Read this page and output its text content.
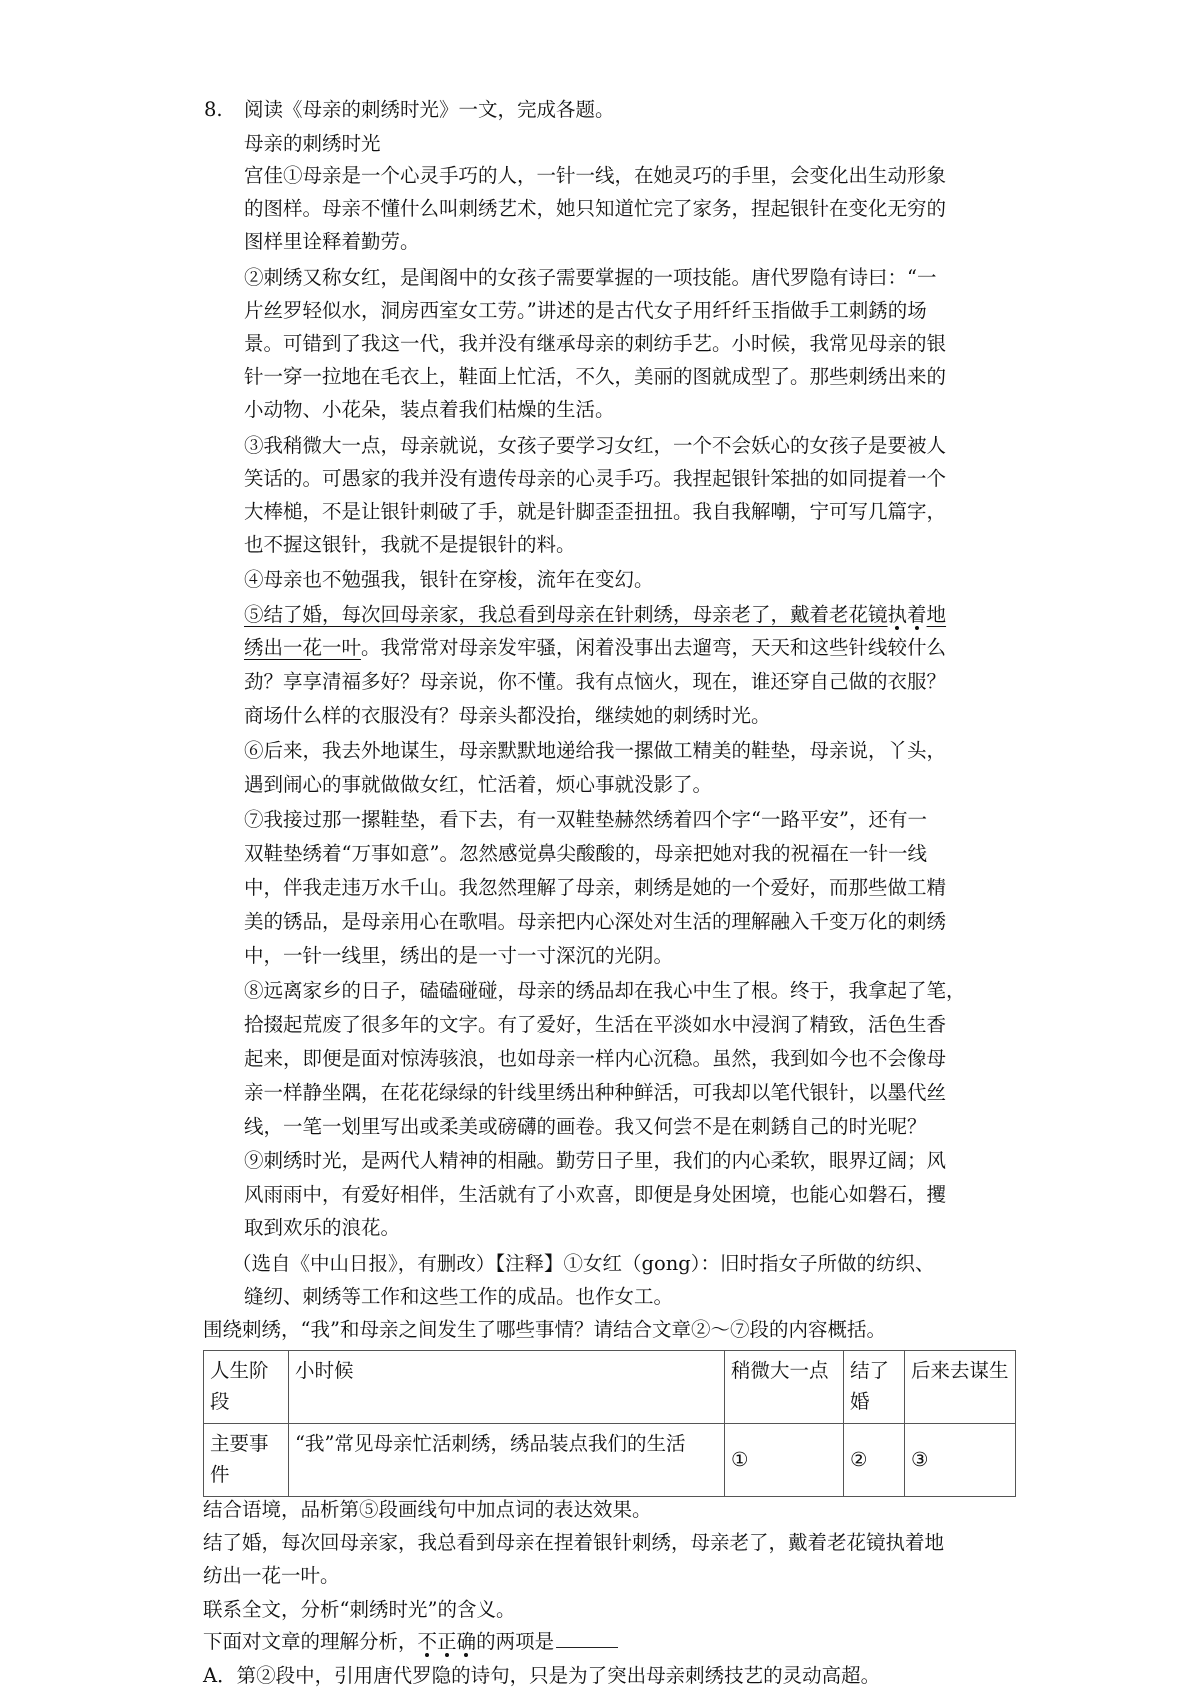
8. 阅读《母亲的刺绣时光》一文，完成各题。
母亲的刺绣时光
宫佳①母亲是一个心灵手巧的人，一针一线，在她灵巧的手里，会变化出生动形象
的图样。母亲不懂什么叫刺绣艺术，她只知道忙完了家务，捏起银针在变化无穷的
图样里诠释着勤劳。
②刺绣又称女红，是闺阁中的女孩子需要掌握的一项技能。唐代罗隐有诗曰：“一
片丝罗轻似水，洞房西室女工劳。”讲述的是古代女子用纤纤玉指做手工刺銹的场
景。可错到了我这一代，我并没有继承母亲的刺纺手艺。小时候，我常见母亲的银
针一穿一拉地在毛衣上，鞋面上忙活，不久，美丽的图就成型了。那些刺绣出来的
小动物、小花朵，装点着我们枯燥的生活。
③我稍微大一点，母亲就说，女孩子要学习女红，一个不会妖心的女孩子是要被人
笑话的。可愚家的我并没有遗传母亲的心灵手巧。我捏起银针笨拙的如同提着一个
大棒槌，不是让银针刺破了手，就是针脚歪歪扭扭。我自我解嘲，宁可写几篇字，
也不握这银针，我就不是提银针的料。
④母亲也不勉强我，银针在穿梭，流年在变幻。
⑤结了婚，每次回母亲家，我总看到母亲在针刺绣，母亲老了，戴着老花镜执着地
绣出一花一叶。我常常对母亲发牢骚，闲着没事出去遛弯，天天和这些针线较什么
劲？享享清福多好？母亲说，你不懂。我有点恼火，现在，谁还穿自己做的衣服？
商场什么样的衣服没有？母亲头都没抬，继续她的刺绣时光。
⑥后来，我去外地谋生，母亲默默地递给我一摞做工精美的鞋垫，母亲说，丫头，
遇到闹心的事就做做女红，忙活着，烦心事就没影了。
⑦我接过那一摞鞋垫，看下去，有一双鞋垫赫然绣着四个字“一路平安”，还有一
双鞋垫绣着“万事如意”。忽然感觉鼻尖酸酸的，母亲把她对我的祝福在一针一线
中，伴我走违万水千山。我忽然理解了母亲，刺绣是她的一个爱好，而那些做工精
美的锈品，是母亲用心在歌唱。母亲把内心深处对生活的理解融入千变万化的刺绣
中，一针一线里，绣出的是一寸一寸深沉的光阴。
⑧远离家乡的日子，磕磕碰碰，母亲的绣品却在我心中生了根。终于，我拿起了笔，
拾掇起荒废了很多年的文字。有了爱好，生活在平淡如水中浸润了精致，活色生香
起来，即便是面对惊涛骇浪，也如母亲一样内心沉稳。虽然，我到如今也不会像母
亲一样静坐隅，在花花绿绿的针线里绣出种种鲜活，可我却以笔代银针，以墨代丝
线，一笔一划里写出或柔美或磅礴的画卷。我又何尝不是在刺銹自己的时光呢？
⑨刺绣时光，是两代人精神的相融。勤劳日子里，我们的内心柔软，眼界辽阔；风
风雨雨中，有爱好相伴，生活就有了小欢喜，即便是身处困境，也能心如磐石，攫
取到欢乐的浪花。
（选自《中山日报》，有删改）【注释】①女红（gong）：旧时指女子所做的纺织、
缝纫、刺绣等工作和这些工作的成品。也作女工。
围绕刺绣，“我”和母亲之间发生了哪些事情？请结合文章②～⑦段的内容概括。
人生阶段	小时候	稍微大一点	结了婚	后来去谋生
主要事件	“我”常见母亲忙活刺绣，绣品装点我们的生活	①	②	③
结合语境，品析第⑤段画线句中加点词的表达效果。
结了婚，每次回母亲家，我总看到母亲在捏着银针刺绣，母亲老了，戴着老花镜执着地
纺出一花一叶。
联系全文，分析“刺绣时光”的含义。
下面对文章的理解分析，不正确的两项是
A．第②段中，引用唐代罗隐的诗句，只是为了突出母亲刺绣技艺的灵动高超。
